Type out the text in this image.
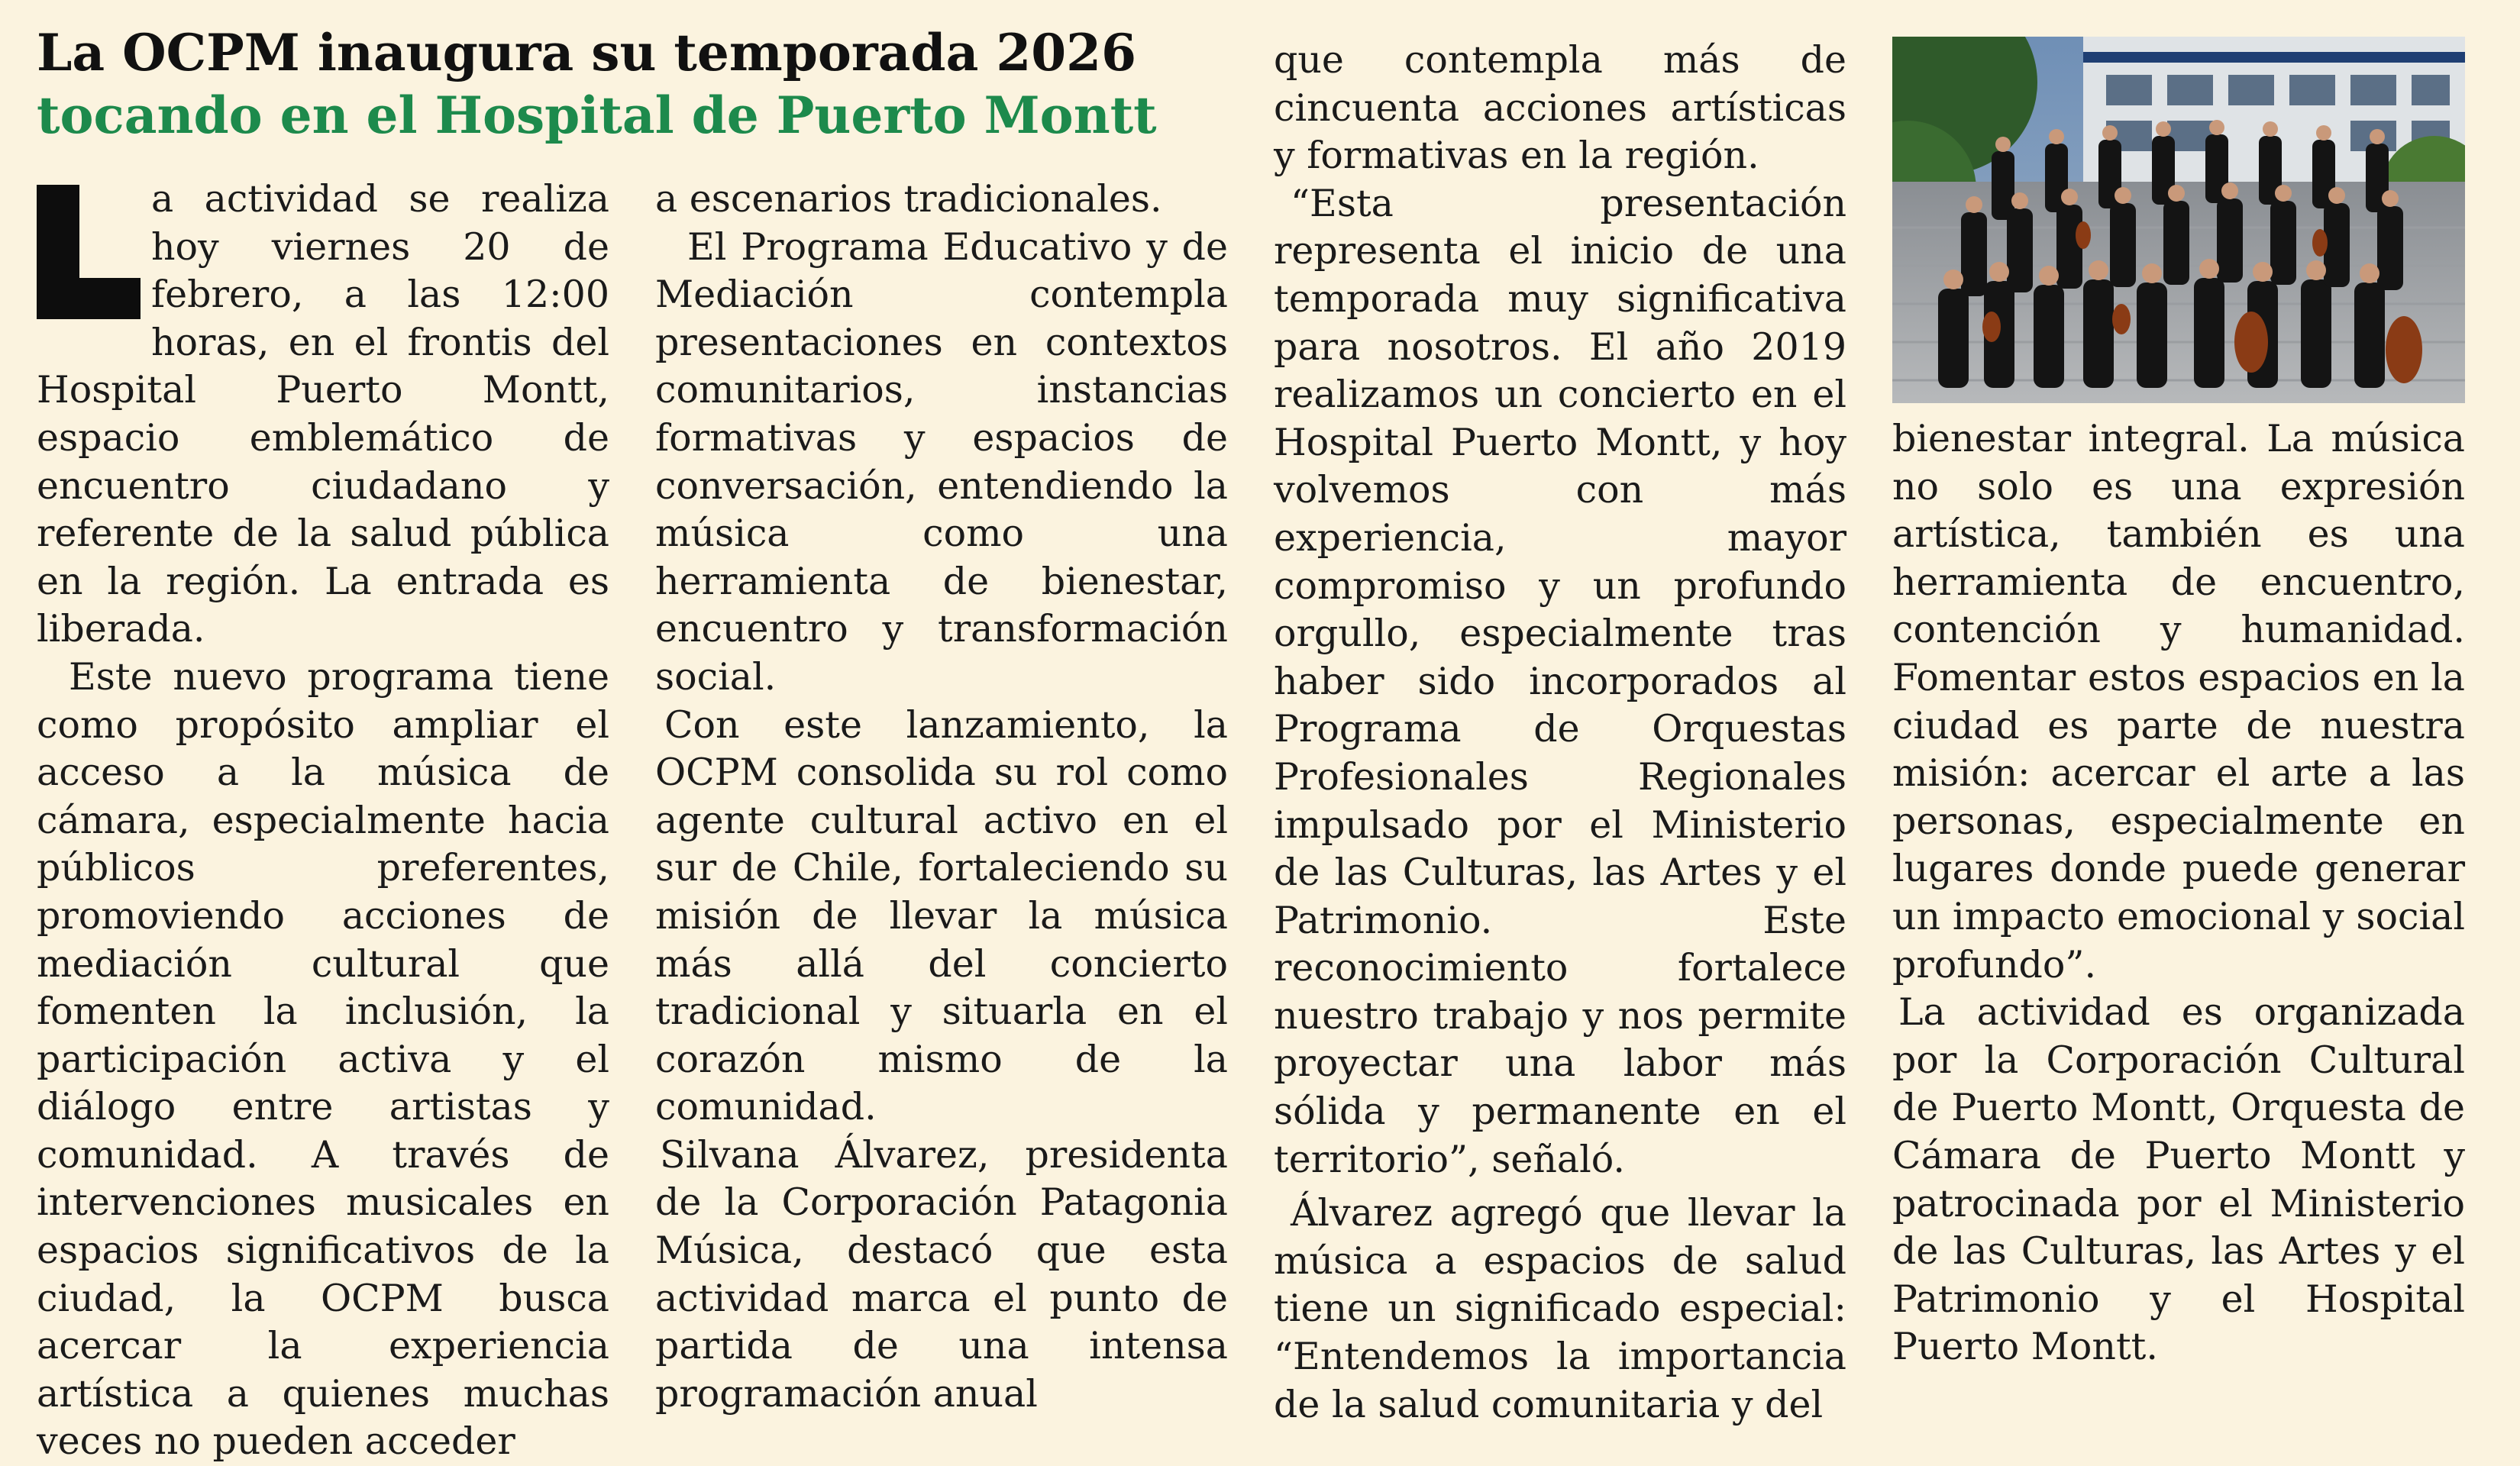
La OCPM inaugura su temporada 2026
tocando en el Hospital de Puerto Montt

a actividad se realiza hoy viernes 20 de febrero, a las 12:00 horas, en el frontis del Hospital Puerto Montt, espacio emblemático de encuentro ciudadano y referente de la salud pública en la región. La entrada es liberada.

Este nuevo programa tiene como propósito ampliar el acceso a la música de cámara, especialmente hacia públicos preferentes, promoviendo acciones de mediación cultural que fomenten la inclusión, la participación activa y el diálogo entre artistas y comunidad. A través de intervenciones musicales en espacios significativos de la ciudad, la OCPM busca acercar la experiencia artística a quienes muchas veces no pueden acceder

a escenarios tradicionales.

El Programa Educativo y de Mediación contempla presentaciones en contextos comunitarios, instancias formativas y espacios de conversación, entendiendo la música como una herramienta de bienestar, encuentro y transformación social.

Con este lanzamiento, la OCPM consolida su rol como agente cultural activo en el sur de Chile, fortaleciendo su misión de llevar la música más allá del concierto tradicional y situarla en el corazón mismo de la comunidad.

Silvana Álvarez, presidenta de la Corporación Patagonia Música, destacó que esta actividad marca el punto de partida de una intensa programación anual

que contempla más de cincuenta acciones artísticas y formativas en la región.

“Esta presentación representa el inicio de una temporada muy significativa para nosotros. El año 2019 realizamos un concierto en el Hospital Puerto Montt, y hoy volvemos con más experiencia, mayor compromiso y un profundo orgullo, especialmente tras haber sido incorporados al Programa de Orquestas Profesionales Regionales impulsado por el Ministerio de las Culturas, las Artes y el Patrimonio. Este reconocimiento fortalece nuestro trabajo y nos permite proyectar una labor más sólida y permanente en el territorio”, señaló.

Álvarez agregó que llevar la música a espacios de salud tiene un significado especial: “Entendemos la importancia de la salud comunitaria y del

bienestar integral. La música no solo es una expresión artística, también es una herramienta de encuentro, contención y humanidad. Fomentar estos espacios en la ciudad es parte de nuestra misión: acercar el arte a las personas, especialmente en lugares donde puede generar un impacto emocional y social profundo”.

La actividad es organizada por la Corporación Cultural de Puerto Montt, Orquesta de Cámara de Puerto Montt y patrocinada por el Ministerio de las Culturas, las Artes y el Patrimonio y el Hospital Puerto Montt.
